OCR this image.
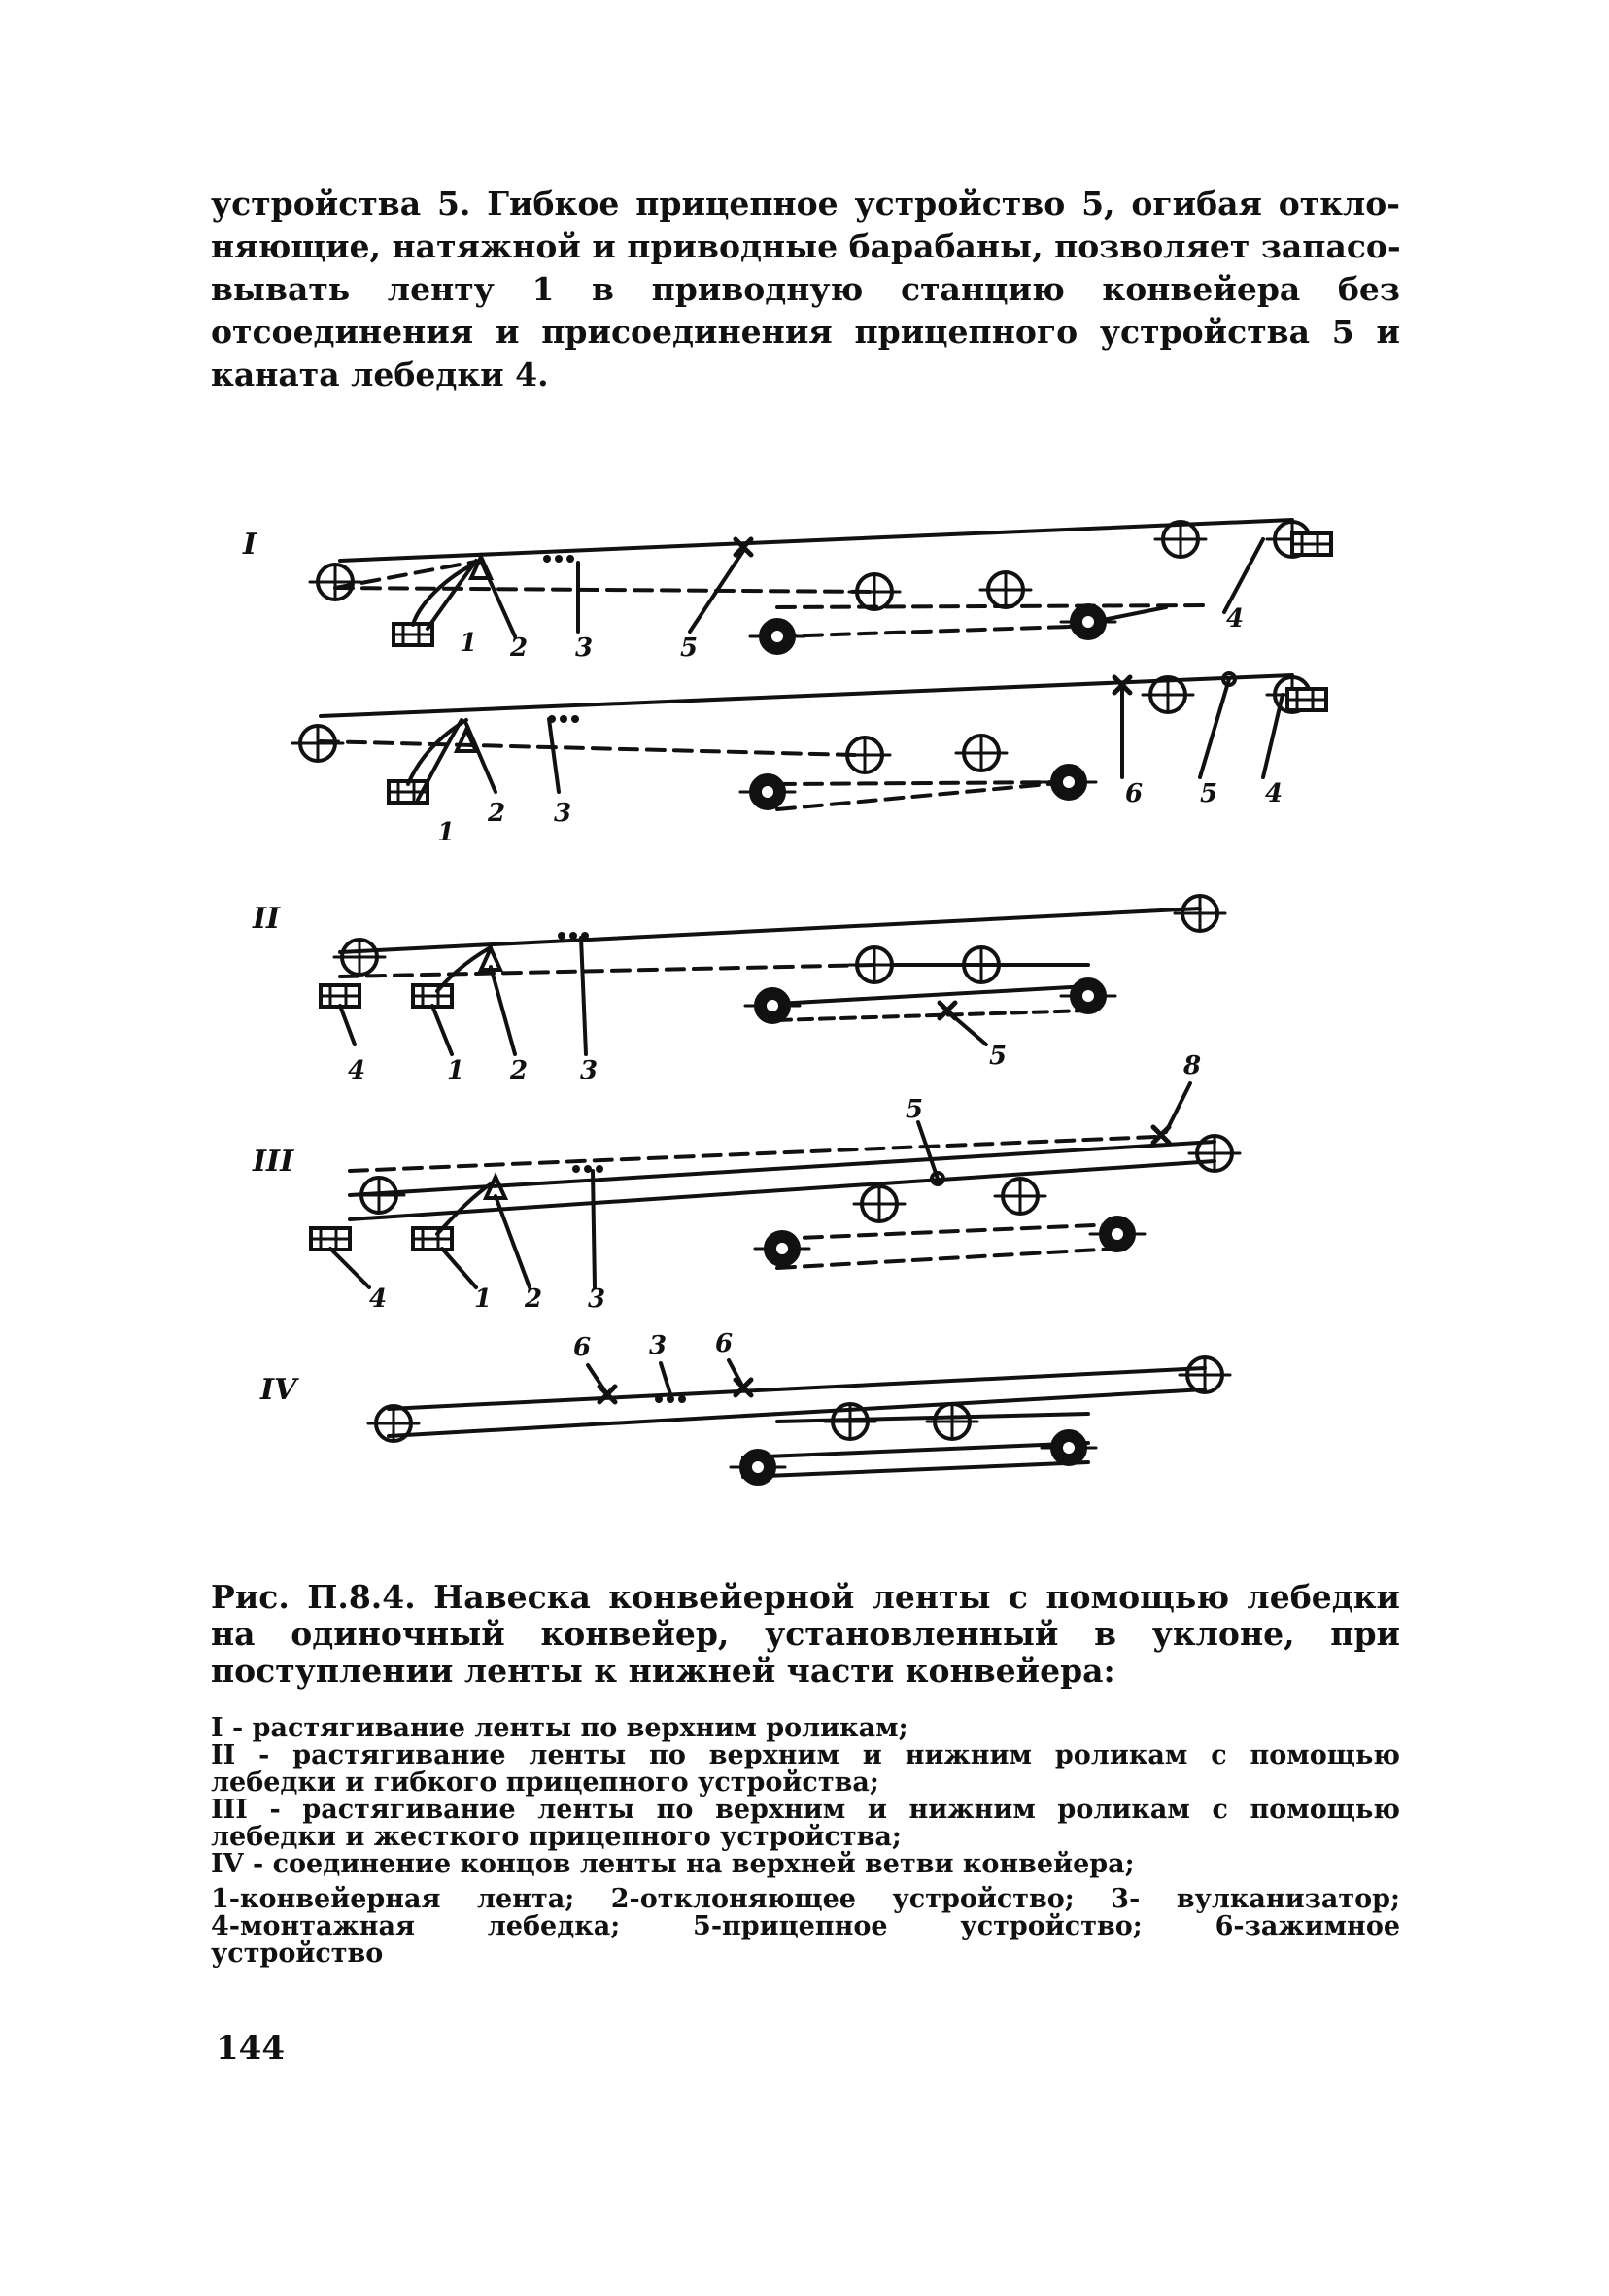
устройства 5. Гибкое прицепное устройство 5, огибая откло-
няющие, натяжной и приводные барабаны, позволяет запасо-
вывать ленту 1 в приводную станцию конвейера без
отсоединения и присоединения прицепного устройства 5 и
каната лебедки 4.
I
II
III
IV
1 2 3	5
4
1
2 3
6 5 4
4	1 2 3	5
5
8
4	1 2 3
6 3 6
Рис. П.8.4. Навеска конвейерной ленты с помощью лебедки
на одиночный конвейер, установленный в уклоне, при
поступлении ленты к нижней части конвейера:
I - растягивание ленты по верхним роликам;
II - растягивание ленты по верхним и нижним роликам с помощью
лебедки и гибкого прицепного устройства;
III - растягивание ленты по верхним и нижним роликам с помощью
лебедки и жесткого прицепного устройства;
IV - соединение концов ленты на верхней ветви конвейера;
1-конвейерная лента; 2-отклоняющее устройство; 3- вулканизатор;
4-монтажная лебедка; 5-прицепное устройство; 6-зажимное
устройство
144
